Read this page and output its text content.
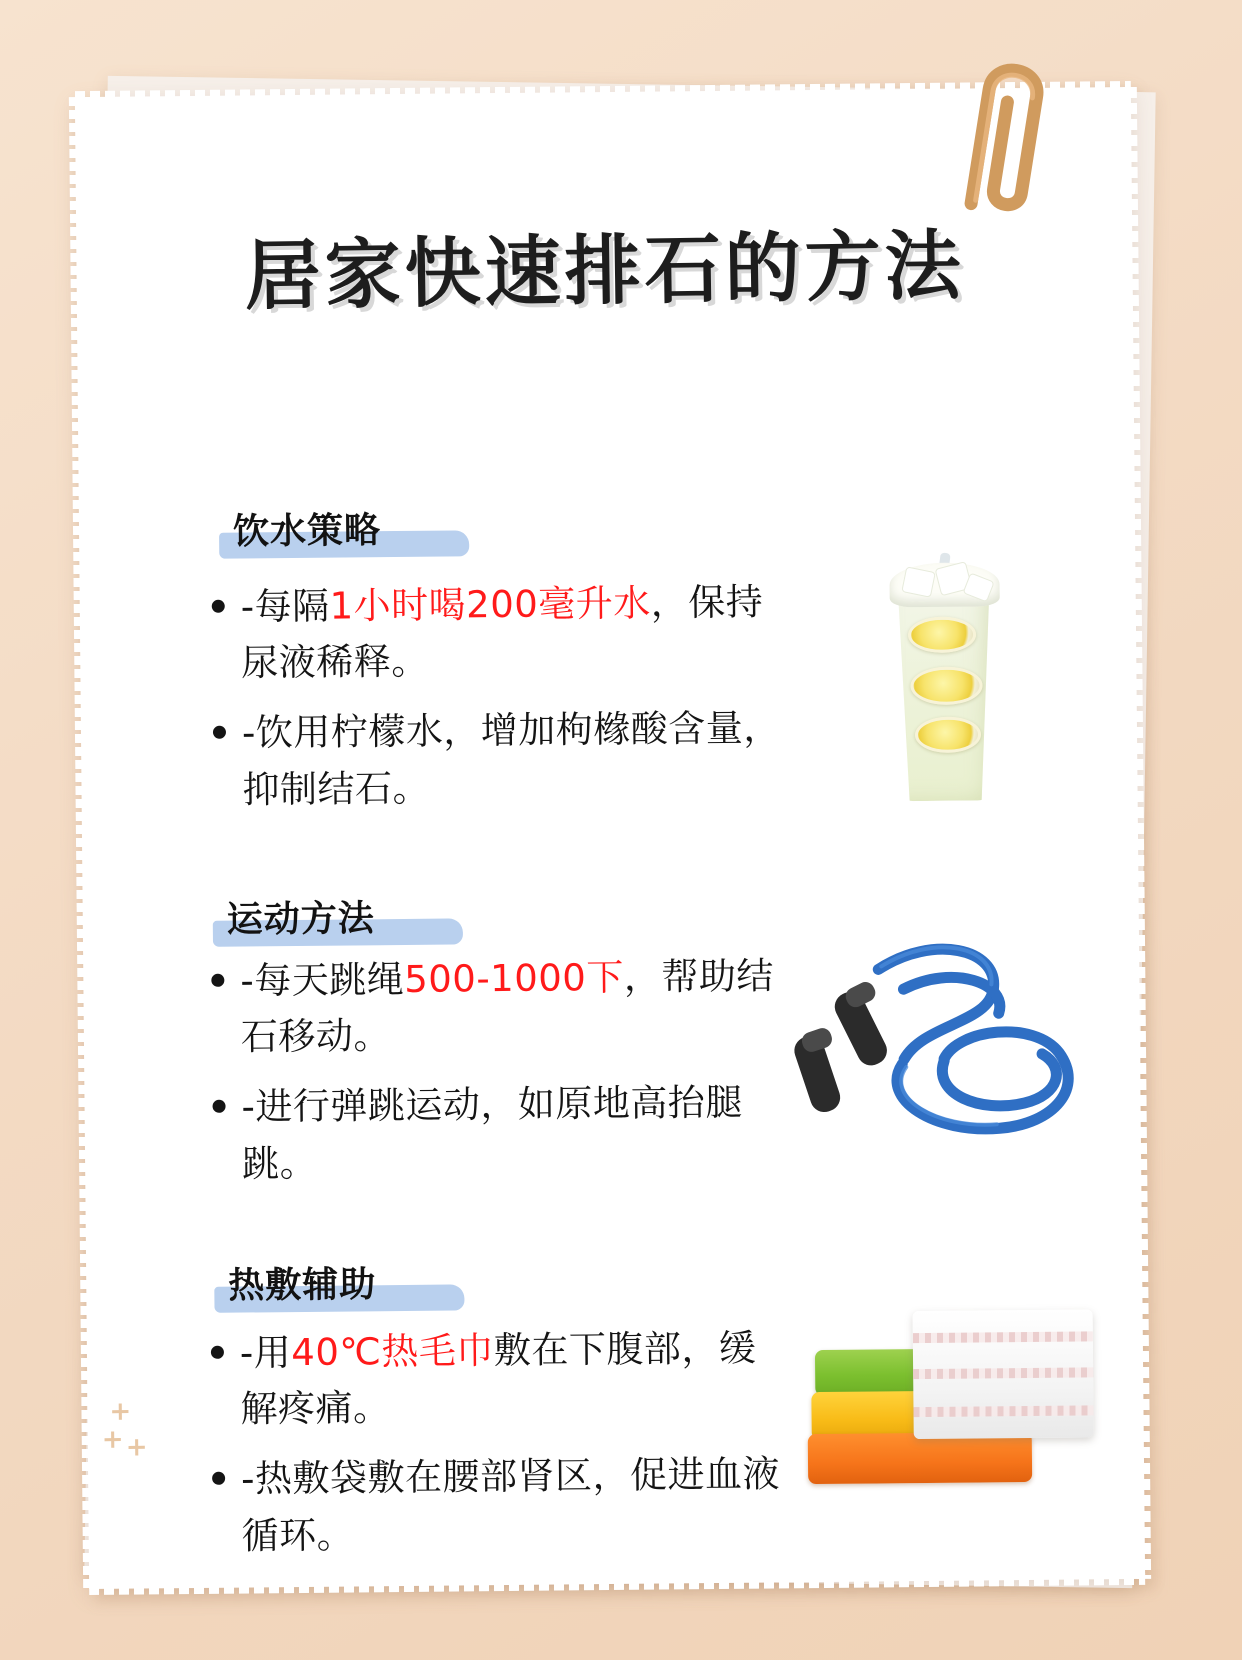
居家快速排石的方法
饮水策略
-每隔1小时喝200毫升水，保持尿液稀释。
-饮用柠檬水，增加枸橼酸含量，抑制结石。
运动方法
-每天跳绳500-1000下，帮助结石移动。
-进行弹跳运动，如原地高抬腿跳。
热敷辅助
-用40℃热毛巾敷在下腹部，缓解疼痛。
-热敷袋敷在腰部肾区，促进血液循环。
+
+ +
